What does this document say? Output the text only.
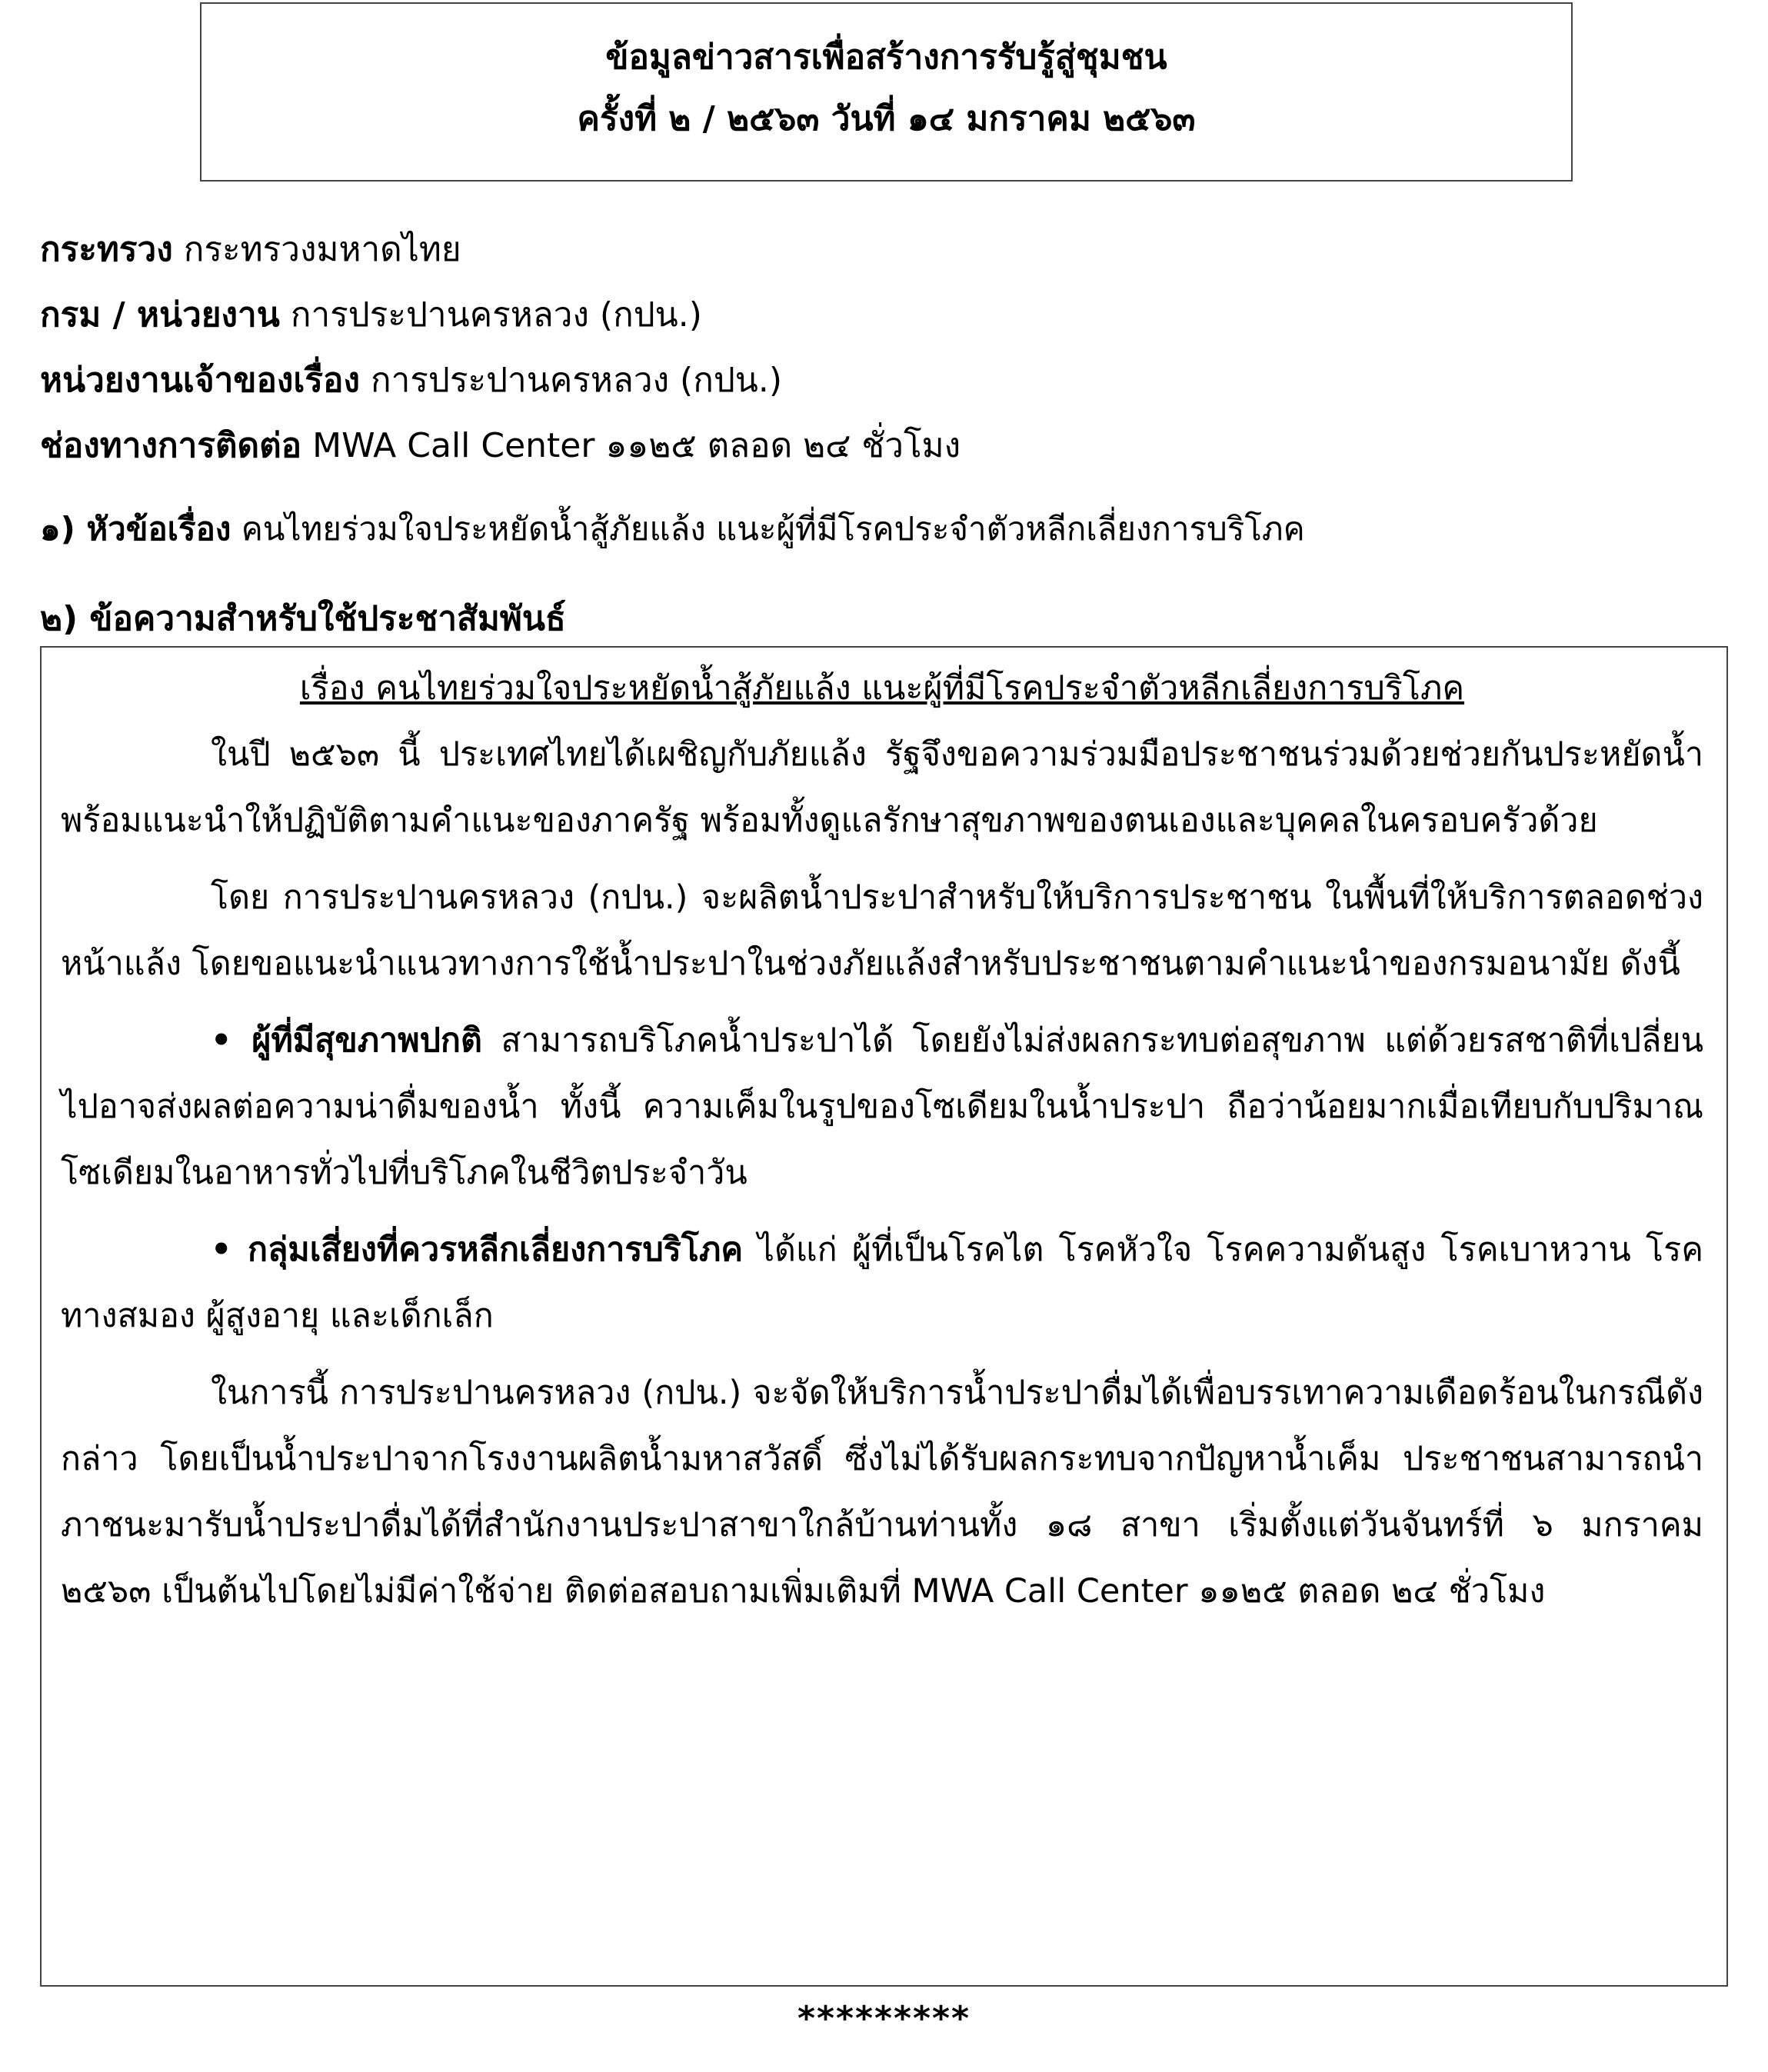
ข้อมูลข่าวสารเพื่อสร้างการรับรู้สู่ชุมชน
ครั้งที่ ๒ / ๒๕๖๓ วันที่ ๑๔ มกราคม ๒๕๖๓
กระทรวง กระทรวงมหาดไทย
กรม / หน่วยงาน การประปานครหลวง (กปน.)
หน่วยงานเจ้าของเรื่อง การประปานครหลวง (กปน.)
ช่องทางการติดต่อ MWA Call Center ๑๑๒๕ ตลอด ๒๔ ชั่วโมง
๑) หัวข้อเรื่อง คนไทยร่วมใจประหยัดน้ำสู้ภัยแล้ง แนะผู้ที่มีโรคประจำตัวหลีกเลี่ยงการบริโภค
๒) ข้อความสำหรับใช้ประชาสัมพันธ์
เรื่อง คนไทยร่วมใจประหยัดน้ำสู้ภัยแล้ง แนะผู้ที่มีโรคประจำตัวหลีกเลี่ยงการบริโภค

ในปี ๒๕๖๓ นี้ ประเทศไทยได้เผชิญกับภัยแล้ง รัฐจึงขอความร่วมมือประชาชนร่วมด้วยช่วยกันประหยัดน้ำ พร้อมแนะนำให้ปฏิบัติตามคำแนะของภาครัฐ พร้อมทั้งดูแลรักษาสุขภาพของตนเองและบุคคลในครอบครัวด้วย

โดย การประปานครหลวง (กปน.) จะผลิตน้ำประปาสำหรับให้บริการประชาชน ในพื้นที่ให้บริการตลอดช่วงหน้าแล้ง โดยขอแนะนำแนวทางการใช้น้ำประปาในช่วงภัยแล้งสำหรับประชาชนตามคำแนะนำของกรมอนามัย ดังนี้

• ผู้ที่มีสุขภาพปกติ สามารถบริโภคน้ำประปาได้ โดยยังไม่ส่งผลกระทบต่อสุขภาพ แต่ด้วยรสชาติที่เปลี่ยนไปอาจส่งผลต่อความน่าดื่มของน้ำ ทั้งนี้ ความเค็มในรูปของโซเดียมในน้ำประปา ถือว่าน้อยมากเมื่อเทียบกับปริมาณโซเดียมในอาหารทั่วไปที่บริโภคในชีวิตประจำวัน

• กลุ่มเสี่ยงที่ควรหลีกเลี่ยงการบริโภค ได้แก่ ผู้ที่เป็นโรคไต โรคหัวใจ โรคความดันสูง โรคเบาหวาน โรคทางสมอง ผู้สูงอายุ และเด็กเล็ก

ในการนี้ การประปานครหลวง (กปน.) จะจัดให้บริการน้ำประปาดื่มได้เพื่อบรรเทาความเดือดร้อนในกรณีดังกล่าว โดยเป็นน้ำประปาจากโรงงานผลิตน้ำมหาสวัสดิ์ ซึ่งไม่ได้รับผลกระทบจากปัญหาน้ำเค็ม ประชาชนสามารถนำภาชนะมารับน้ำประปาดื่มได้ที่สำนักงานประปาสาขาใกล้บ้านท่านทั้ง ๑๘ สาขา เริ่มตั้งแต่วันจันทร์ที่ ๖ มกราคม ๒๕๖๓ เป็นต้นไปโดยไม่มีค่าใช้จ่าย ติดต่อสอบถามเพิ่มเติมที่ MWA Call Center ๑๑๒๕ ตลอด ๒๔ ชั่วโมง

*********
